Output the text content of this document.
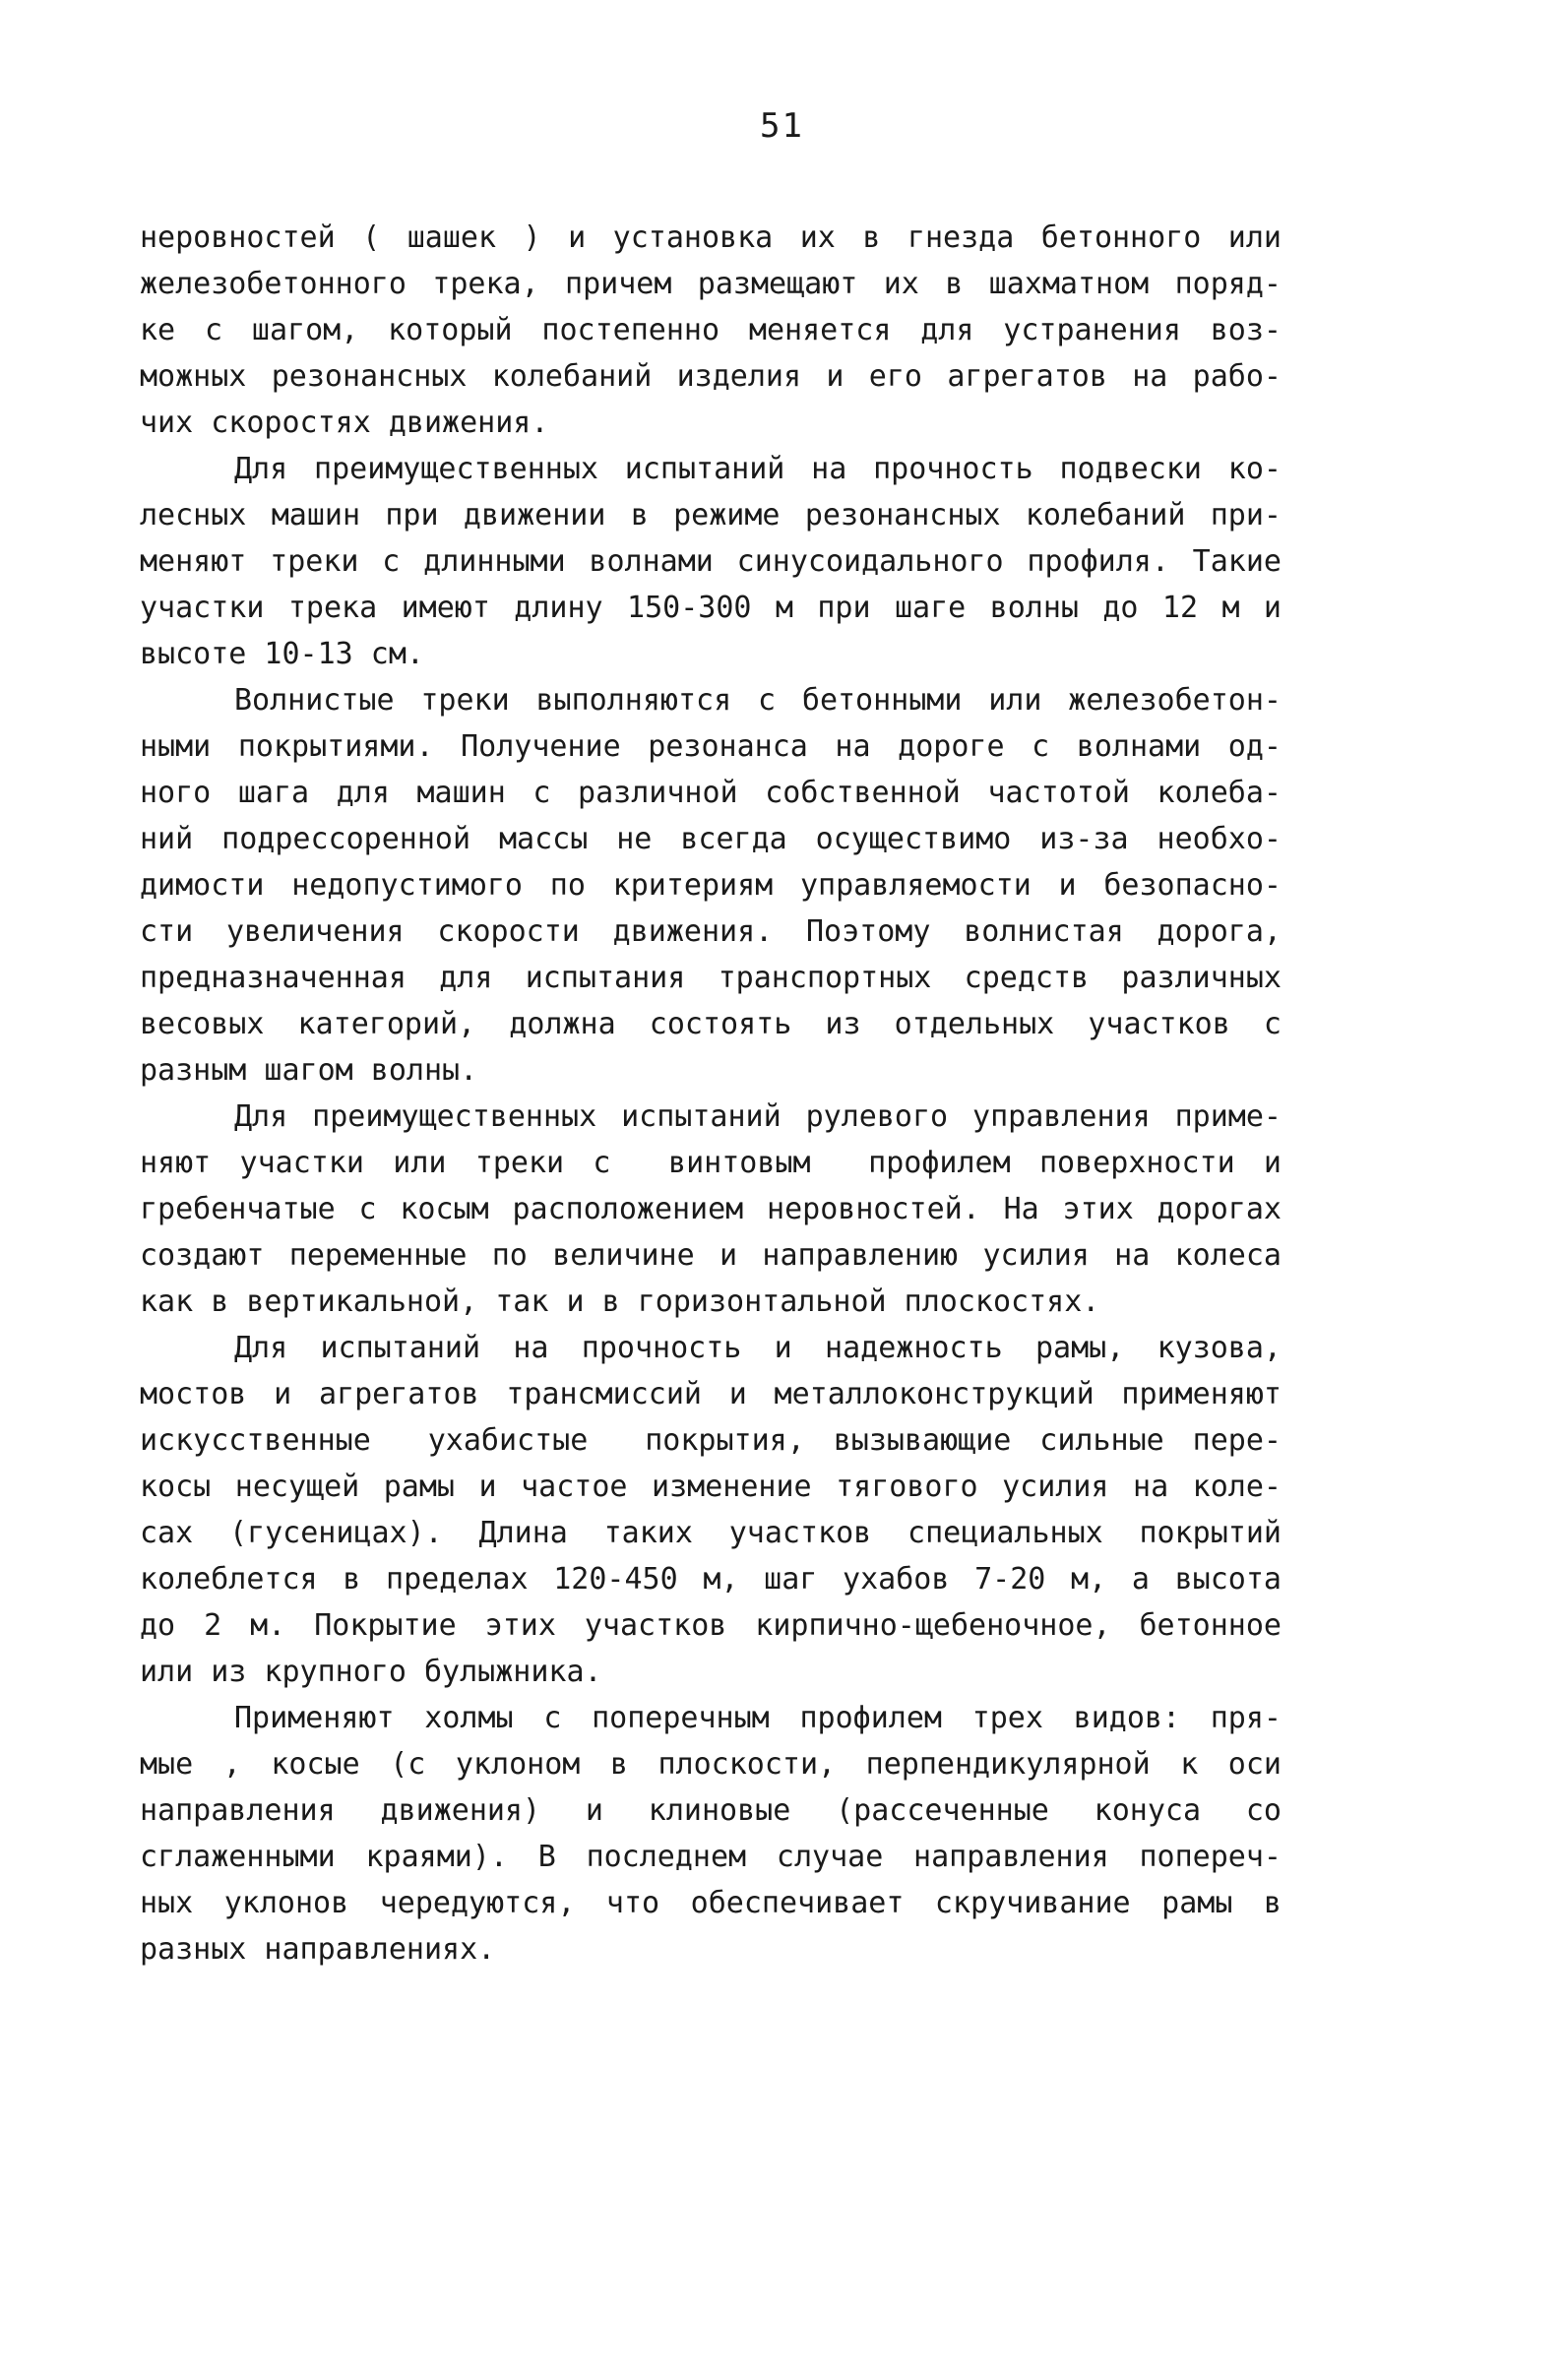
51
неровностей ( шашек ) и установка их в гнезда бетонного или
железобетонного трека, причем размещают их в шахматном поряд-
ке с шагом, который постепенно меняется для устранения воз-
можных резонансных колебаний изделия и его агрегатов на рабо-
чих скоростях движения.
Для преимущественных испытаний на прочность подвески ко-
лесных машин при движении в режиме резонансных колебаний при-
меняют треки с длинными волнами синусоидального профиля. Такие
участки трека имеют длину 150-300 м при шаге волны до 12 м и
высоте 10-13 см.
Волнистые треки выполняются с бетонными или железобетон-
ными покрытиями. Получение резонанса на дороге с волнами од-
ного шага для машин с различной собственной частотой колеба-
ний подрессоренной массы не всегда осуществимо из-за необхо-
димости недопустимого по критериям управляемости и безопасно-
сти увеличения скорости движения. Поэтому волнистая дорога,
предназначенная для испытания транспортных средств различных
весовых категорий, должна состоять из отдельных участков с
разным шагом волны.
Для преимущественных испытаний рулевого управления приме-
няют участки или треки с  винтовым  профилем поверхности и
гребенчатые с косым расположением неровностей. На этих дорогах
создают переменные по величине и направлению усилия на колеса
как в вертикальной, так и в горизонтальной плоскостях.
Для испытаний на прочность и надежность рамы, кузова,
мостов и агрегатов трансмиссий и металлоконструкций применяют
искусственные  ухабистые  покрытия, вызывающие сильные пере-
косы несущей рамы и частое изменение тягового усилия на коле-
сах (гусеницах). Длина таких участков специальных покрытий
колеблется в пределах 120-450 м, шаг ухабов 7-20 м, а высота
до 2 м. Покрытие этих участков кирпично-щебеночное, бетонное
или из крупного булыжника.
Применяют холмы с поперечным профилем трех видов: пря-
мые , косые (с уклоном в плоскости, перпендикулярной к оси
направления движения) и клиновые (рассеченные конуса со
сглаженными краями). В последнем случае направления попереч-
ных уклонов чередуются, что обеспечивает скручивание рамы в
разных направлениях.
